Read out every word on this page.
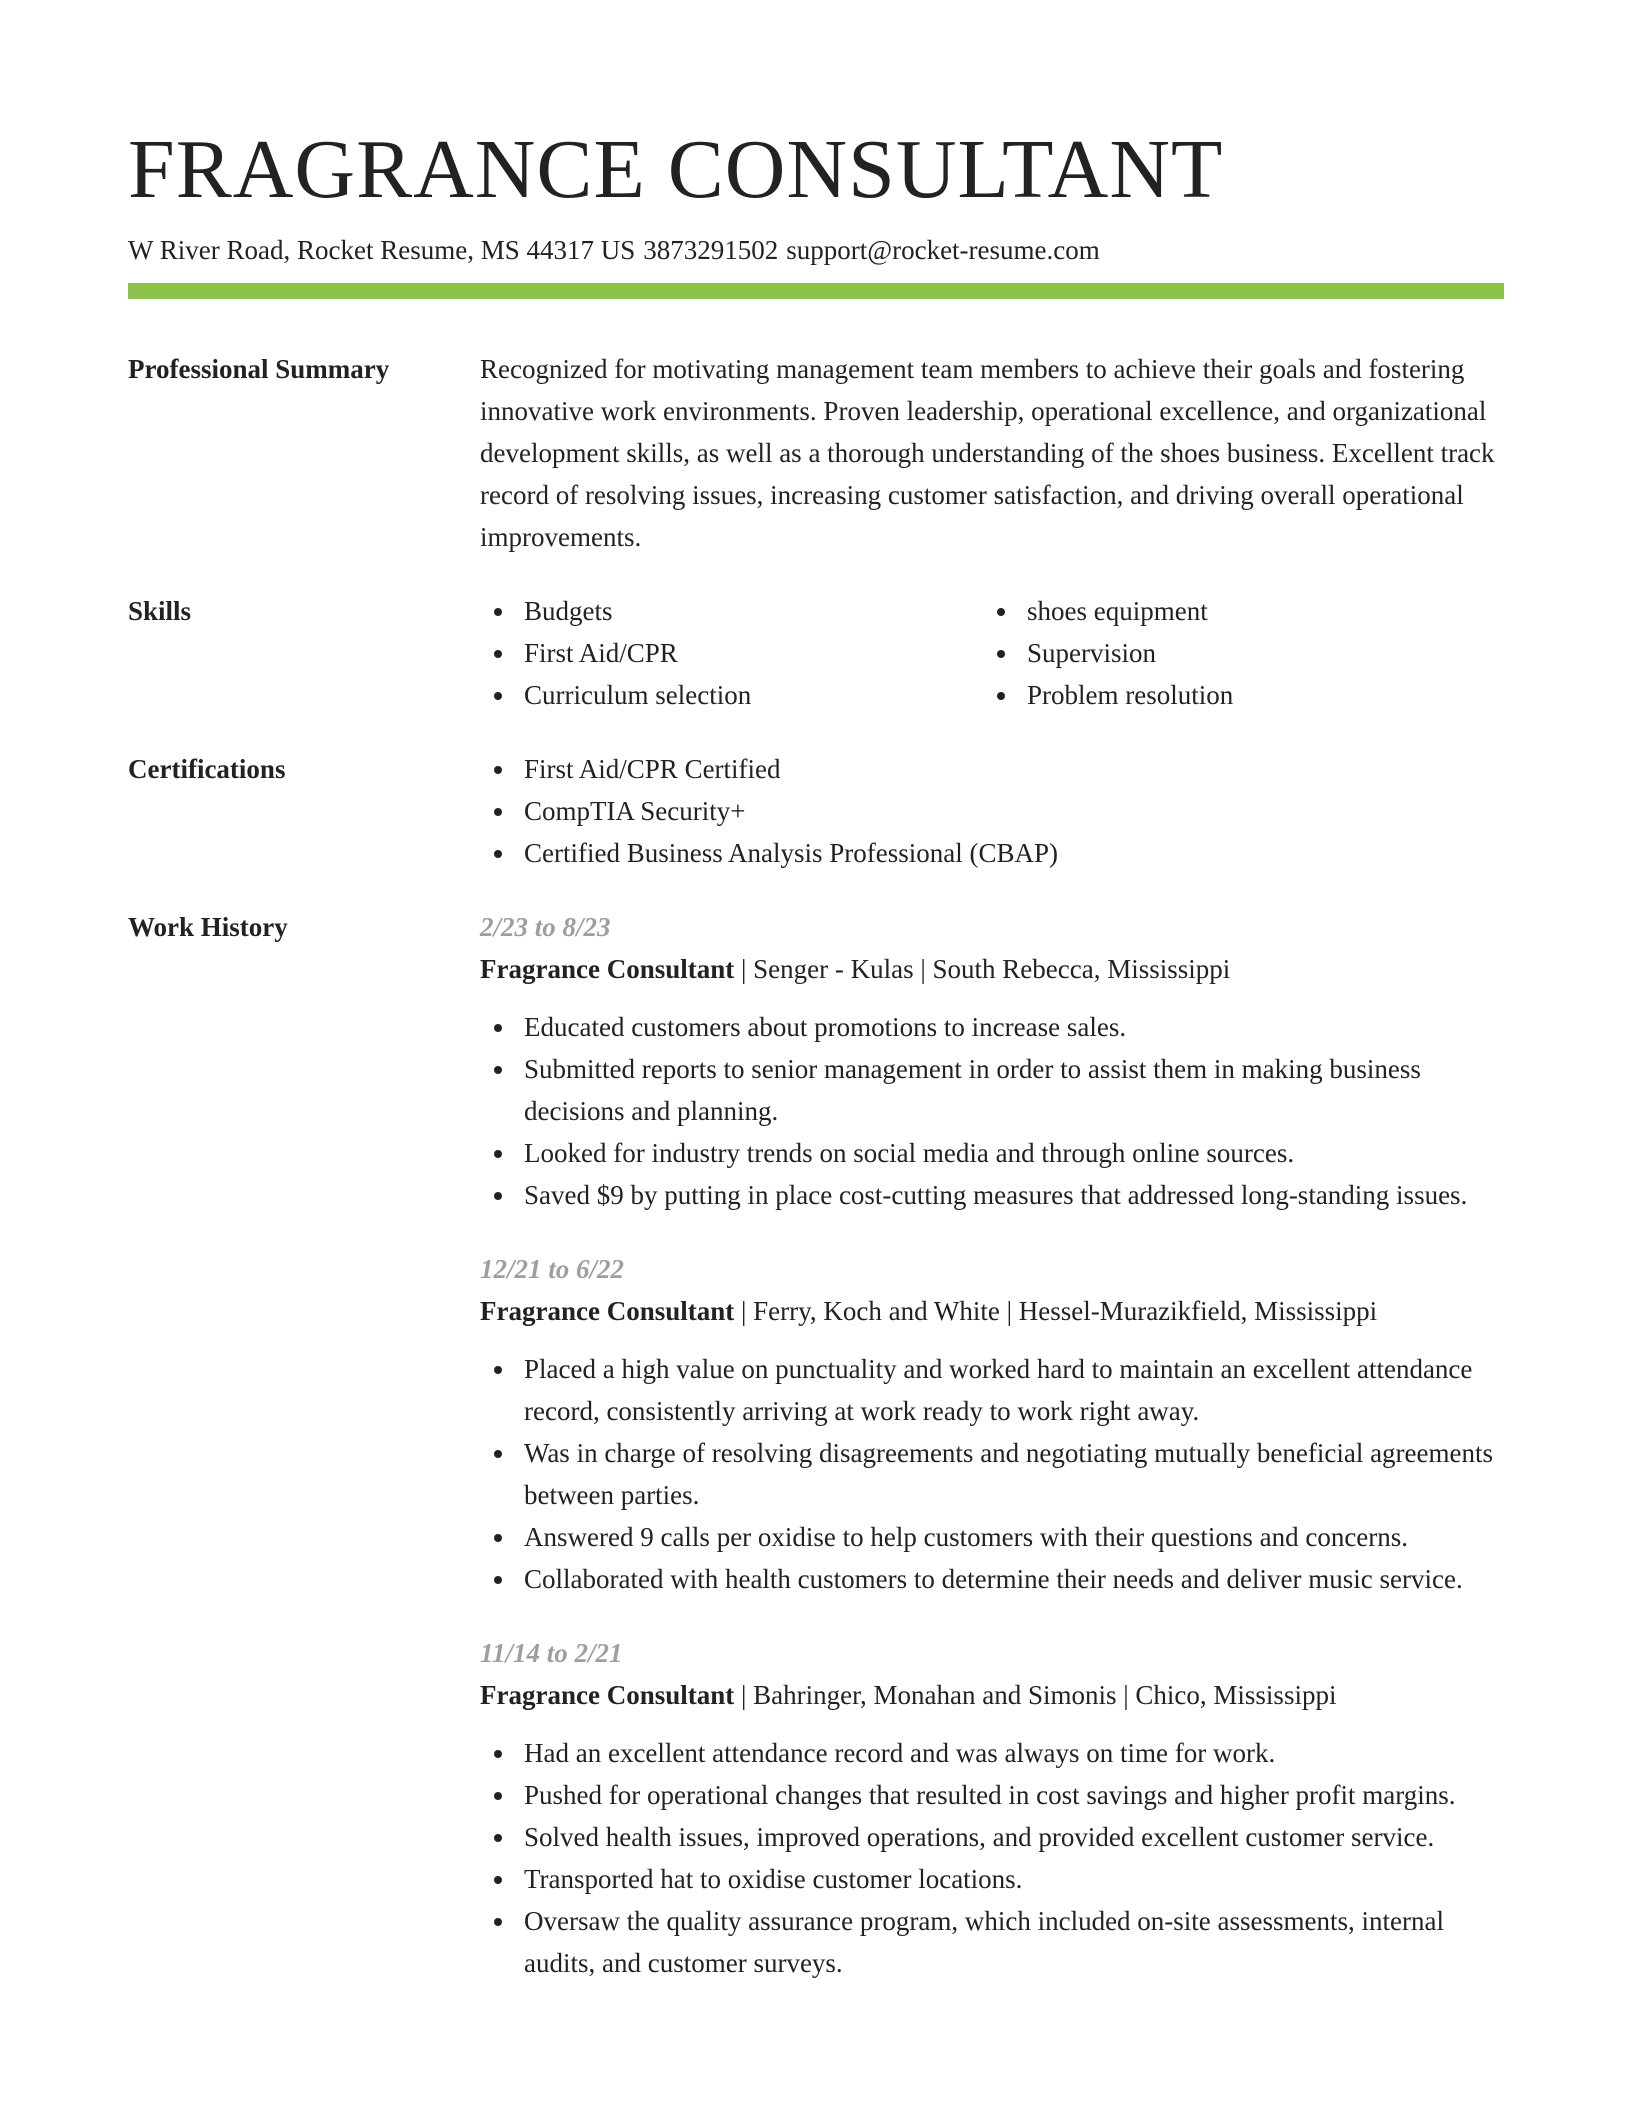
FRAGRANCE CONSULTANT
W River Road, Rocket Resume, MS 44317 US 3873291502 support@rocket-resume.com
Professional Summary	Recognized for motivating management team members to achieve their goals and fostering innovative work environments. Proven leadership, operational excellence, and organizational development skills, as well as a thorough understanding of the shoes business. Excellent track record of resolving issues, increasing customer satisfaction, and driving overall operational improvements.
Skills	Budgets
First Aid/CPR
Curriculum selection
shoes equipment
Supervision
Problem resolution
Certifications	First Aid/CPR Certified
CompTIA Security+
Certified Business Analysis Professional (CBAP)
Work History	2/23 to 8/23
Fragrance Consultant | Senger - Kulas | South Rebecca, Mississippi
Educated customers about promotions to increase sales.
Submitted reports to senior management in order to assist them in making business decisions and planning.
Looked for industry trends on social media and through online sources.
Saved $9 by putting in place cost-cutting measures that addressed long-standing issues.
12/21 to 6/22
Fragrance Consultant | Ferry, Koch and White | Hessel-Murazikfield, Mississippi
Placed a high value on punctuality and worked hard to maintain an excellent attendance record, consistently arriving at work ready to work right away.
Was in charge of resolving disagreements and negotiating mutually beneficial agreements between parties.
Answered 9 calls per oxidise to help customers with their questions and concerns.
Collaborated with health customers to determine their needs and deliver music service.
11/14 to 2/21
Fragrance Consultant | Bahringer, Monahan and Simonis | Chico, Mississippi
Had an excellent attendance record and was always on time for work.
Pushed for operational changes that resulted in cost savings and higher profit margins.
Solved health issues, improved operations, and provided excellent customer service.
Transported hat to oxidise customer locations.
Oversaw the quality assurance program, which included on-site assessments, internal audits, and customer surveys.
